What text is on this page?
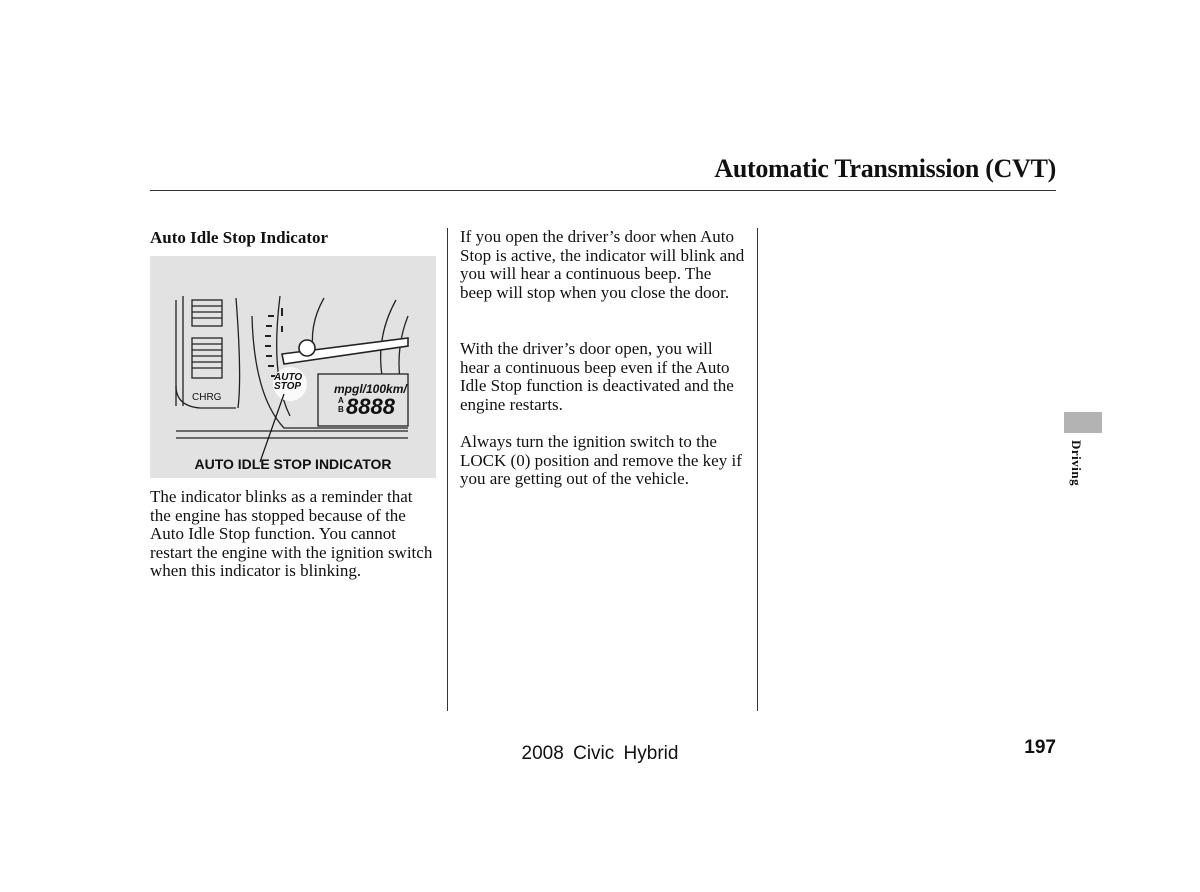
Automatic Transmission (CVT)
Auto Idle Stop Indicator
mpgl/100km/
A
B 8888
AUTO
STOP
CHRG
AUTO IDLE STOP INDICATOR

The indicator blinks as a reminder that the engine has stopped because of the Auto Idle Stop function. You cannot restart the engine with the ignition switch when this indicator is blinking.

If you open the driver’s door when Auto Stop is active, the indicator will blink and you will hear a continuous beep. The beep will stop when you close the door.

With the driver’s door open, you will hear a continuous beep even if the Auto Idle Stop function is deactivated and the engine restarts.

Always turn the ignition switch to the LOCK (0) position and remove the key if you are getting out of the vehicle.	Driving
2008 Civic Hybrid	197
